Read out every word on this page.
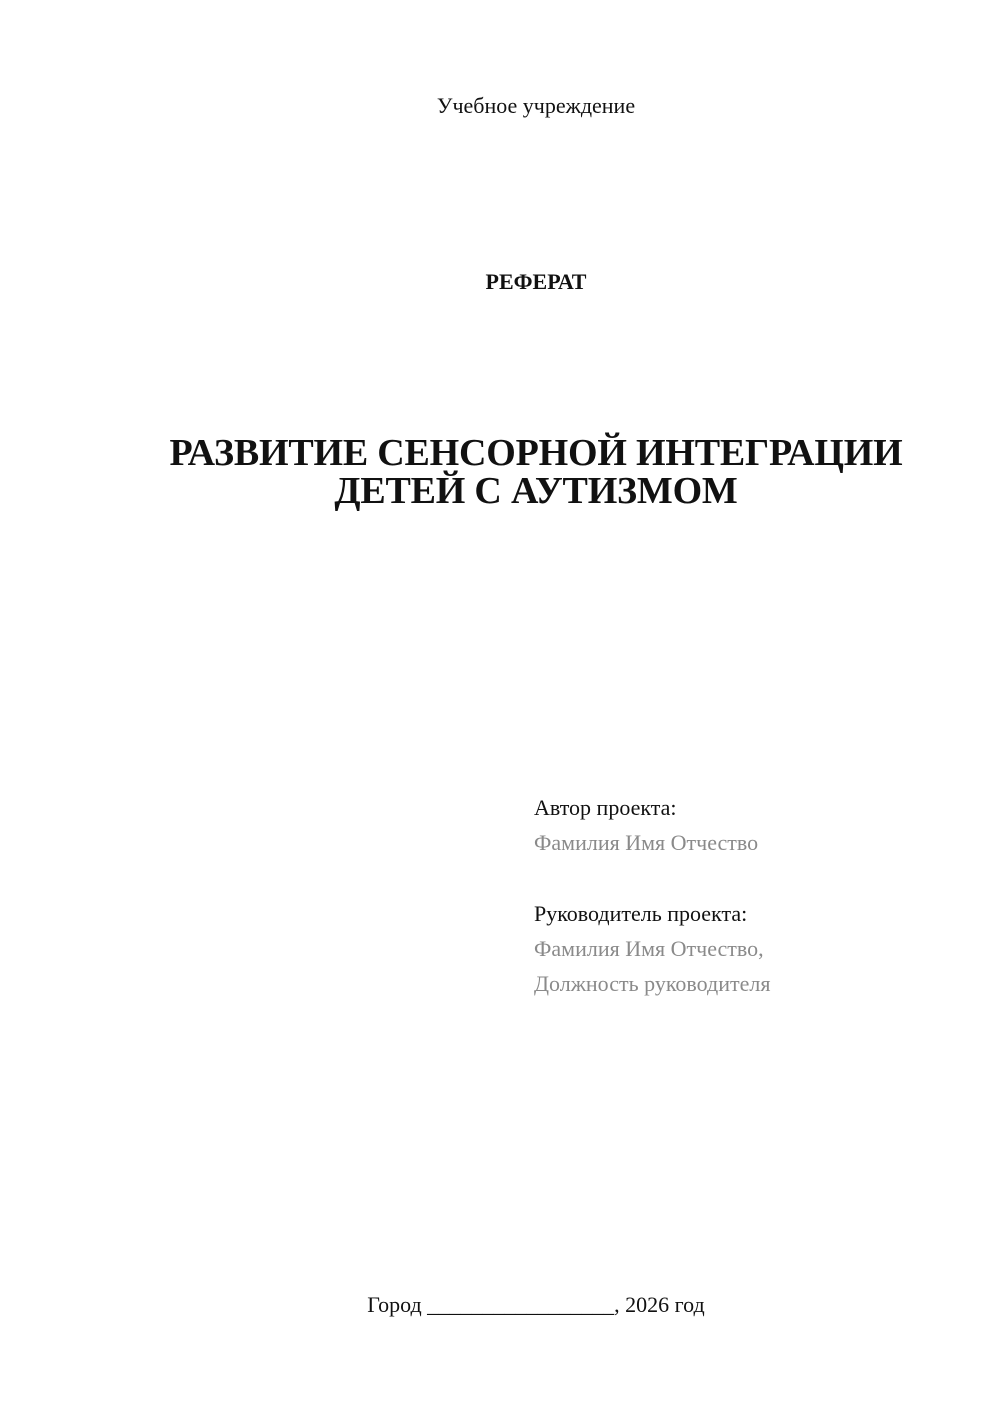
Учебное учреждение
РЕФЕРАТ
РАЗВИТИЕ СЕНСОРНОЙ ИНТЕГРАЦИИ
ДЕТЕЙ С АУТИЗМОМ
Автор проекта:
Фамилия Имя Отчество
Руководитель проекта:
Фамилия Имя Отчество,
Должность руководителя
Город _________________, 2026 год
